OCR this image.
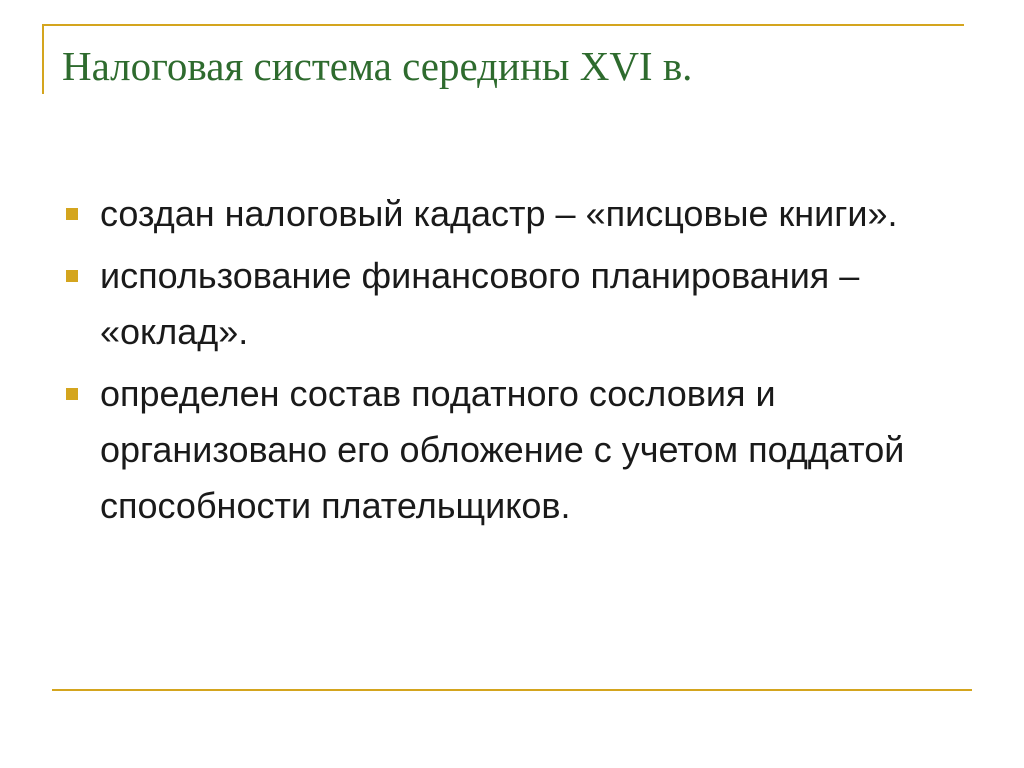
Налоговая система середины XVI в.
создан налоговый кадастр – «писцовые книги».
использование финансового планирования – «оклад».
определен состав податного сословия и организовано его обложение с учетом поддатой способности плательщиков.
